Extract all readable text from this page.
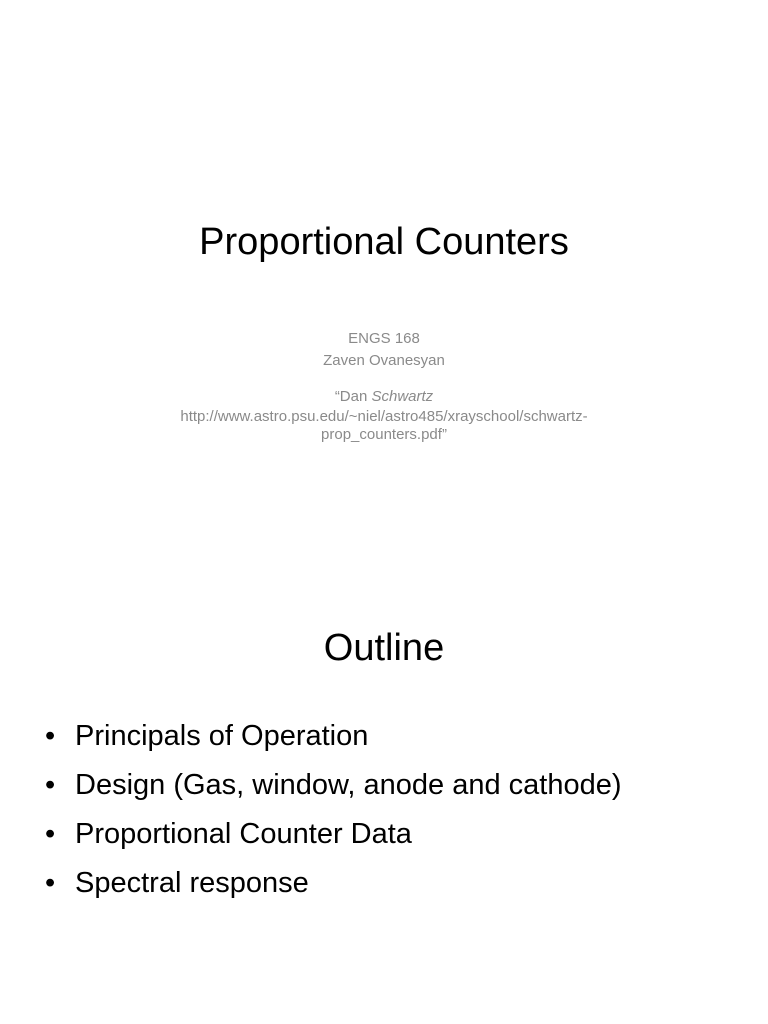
Proportional Counters
ENGS 168
Zaven Ovanesyan
“Dan Schwartz
http://www.astro.psu.edu/~niel/astro485/xrayschool/schwartz-
prop_counters.pdf”
Outline
• Principals of Operation
• Design (Gas, window, anode and cathode)
• Proportional Counter Data
• Spectral response
